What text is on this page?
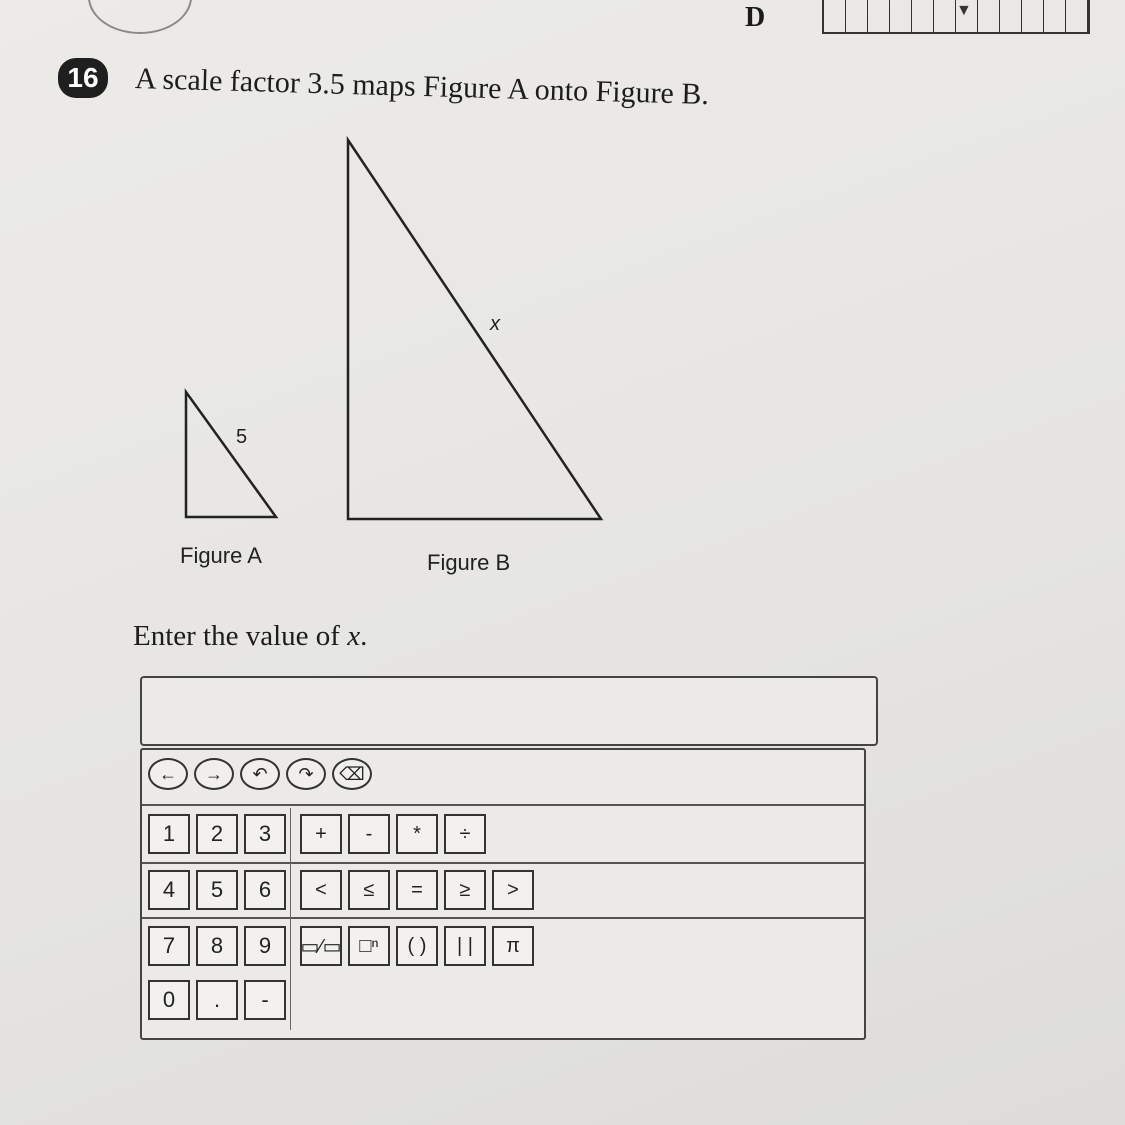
D	▼
16	A scale factor 3.5 maps Figure A onto Figure B.
5
x
Figure A	Figure B
Enter the value of x.
← → ↶ ↷ ⌫
1	2	3	+	-	*	÷
4	5	6	<	≤	=	≥	>
7	8	9	▭⁄▭ □ⁿ	( )	| |	π
0	.	-
